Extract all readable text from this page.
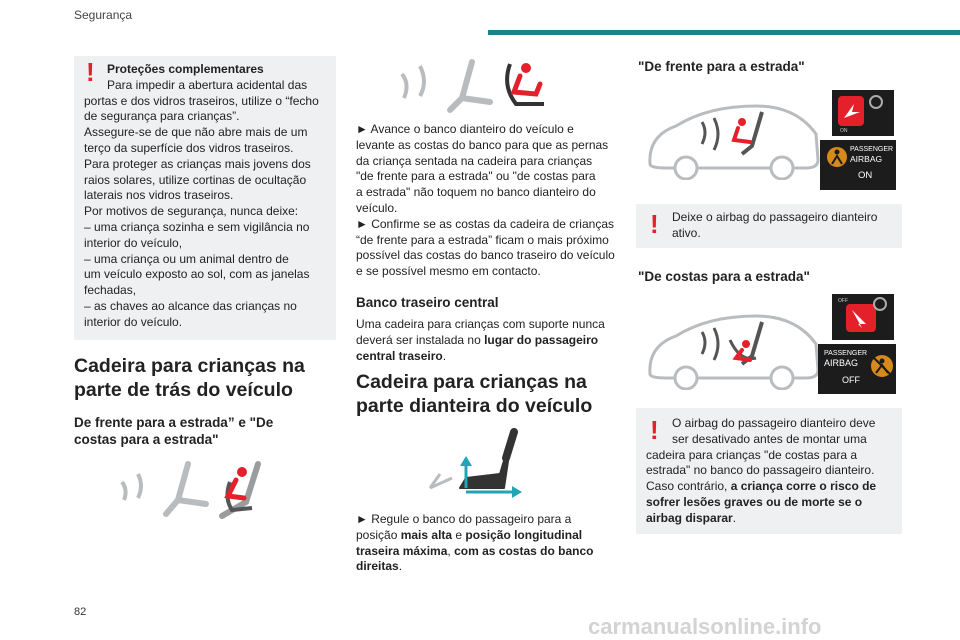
Segurança
!	Proteções complementares
Para impedir a abertura acidental das
portas e dos vidros traseiros, utilize o “fecho
de segurança para crianças”.
Assegure-se de que não abre mais de um
terço da superfície dos vidros traseiros.
Para proteger as crianças mais jovens dos
raios solares, utilize cortinas de ocultação
laterais nos vidros traseiros.
Por motivos de segurança, nunca deixe:
– uma criança sozinha e sem vigilância no
interior do veículo,
– uma criança ou um animal dentro de
um veículo exposto ao sol, com as janelas
fechadas,
– as chaves ao alcance das crianças no
interior do veículo.
Cadeira para crianças na
parte de trás do veículo
De frente para a estrada” e "De
costas para a estrada"
► Avance o banco dianteiro do veículo e
levante as costas do banco para que as pernas
da criança sentada na cadeira para crianças
"de frente para a estrada" ou "de costas para
a estrada" não toquem no banco dianteiro do
veículo.
► Confirme se as costas da cadeira de crianças
“de frente para a estrada” ficam o mais próximo
possível das costas do banco traseiro do veículo
e se possível mesmo em contacto.
Banco traseiro central
Uma cadeira para crianças com suporte nunca
deverá ser instalada no lugar do passageiro
central traseiro.
Cadeira para crianças na
parte dianteira do veículo
► Regule o banco do passageiro para a
posição mais alta e posição longitudinal
traseira máxima, com as costas do banco
direitas.
"De frente para a estrada"
ON
PASSENGER
AIRBAG
ON
! Deixe o airbag do passageiro dianteiro
ativo.
"De costas para a estrada"
OFF
PASSENGER
AIRBAG
OFF
!	O airbag do passageiro dianteiro deve
ser desativado antes de montar uma
cadeira para crianças "de costas para a
estrada" no banco do passageiro dianteiro.
Caso contrário, a criança corre o risco de
sofrer lesões graves ou de morte se o
airbag disparar.
82
carmanualsonline.info
